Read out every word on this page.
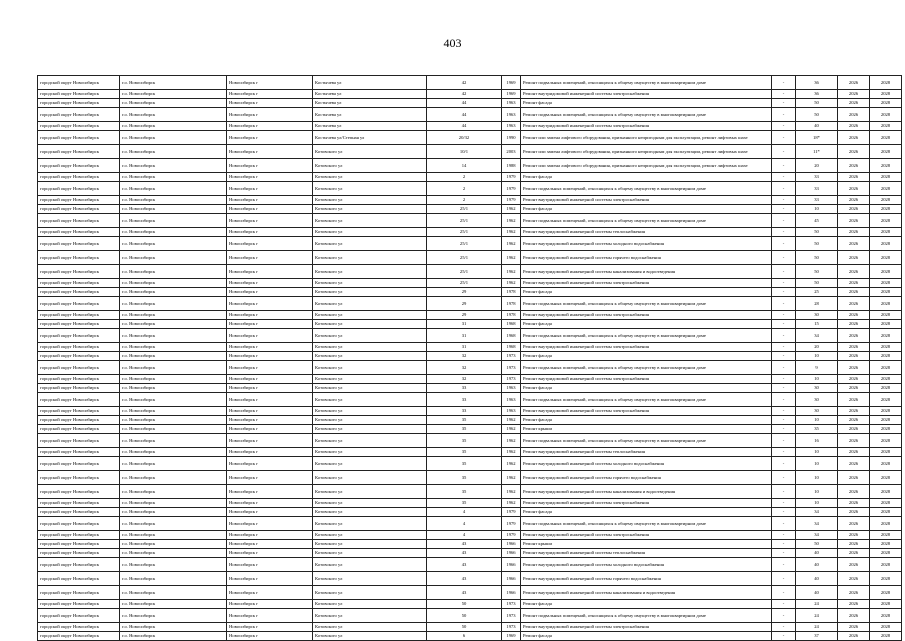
403
городской округ Новосибирск	г.о. Новосибирск	Новосибирск г	Костычева ул	42	1969	Ремонт подвальных помещений, относящихся к общему имуществу в многоквартирном доме	-	36	2026	2028
городской округ Новосибирск	г.о. Новосибирск	Новосибирск г	Костычева ул	42	1969	Ремонт внутридомовой инженерной системы электроснабжения	-	36	2026	2028
городской округ Новосибирск	г.о. Новосибирск	Новосибирск г	Костычева ул	44	1963	Ремонт фасада	-	50	2026	2028
городской округ Новосибирск	г.о. Новосибирск	Новосибирск г	Костычева ул	44	1963	Ремонт подвальных помещений, относящихся к общему имуществу в многоквартирном доме	-	50	2026	2028
городской округ Новосибирск	г.о. Новосибирск	Новосибирск г	Костычева ул	44	1963	Ремонт внутридомовой инженерной системы электроснабжения	-	40	2026	2028
городской округ Новосибирск	г.о. Новосибирск	Новосибирск г	Костычева ул/Степная ул	20/32	1990	Ремонт или замена лифтового оборудования, признанного непригодным для эксплуатации, ремонт лифтовых шахт	-	18*	2026	2028
городской округ Новосибирск	г.о. Новосибирск	Новосибирск г	Котовского ул	10/1	2003	Ремонт или замена лифтового оборудования, признанного непригодным для эксплуатации, ремонт лифтовых шахт	-	11*	2026	2028
городской округ Новосибирск	г.о. Новосибирск	Новосибирск г	Котовского ул	14	1988	Ремонт или замена лифтового оборудования, признанного непригодным для эксплуатации, ремонт лифтовых шахт	-	20	2026	2028
городской округ Новосибирск	г.о. Новосибирск	Новосибирск г	Котовского ул	2	1979	Ремонт фасада	-	33	2026	2028
городской округ Новосибирск	г.о. Новосибирск	Новосибирск г	Котовского ул	2	1979	Ремонт подвальных помещений, относящихся к общему имуществу в многоквартирном доме	-	33	2026	2028
городской округ Новосибирск	г.о. Новосибирск	Новосибирск г	Котовского ул	2	1979	Ремонт внутридомовой инженерной системы электроснабжения	-	33	2026	2028
городской округ Новосибирск	г.о. Новосибирск	Новосибирск г	Котовского ул	25/1	1962	Ремонт фасада	-	10	2026	2028
городской округ Новосибирск	г.о. Новосибирск	Новосибирск г	Котовского ул	25/1	1962	Ремонт подвальных помещений, относящихся к общему имуществу в многоквартирном доме	-	45	2026	2028
городской округ Новосибирск	г.о. Новосибирск	Новосибирск г	Котовского ул	25/1	1962	Ремонт внутридомовой инженерной системы теплоснабжения	-	50	2026	2028
городской округ Новосибирск	г.о. Новосибирск	Новосибирск г	Котовского ул	25/1	1962	Ремонт внутридомовой инженерной системы холодного водоснабжения	-	50	2026	2028
городской округ Новосибирск	г.о. Новосибирск	Новосибирск г	Котовского ул	25/1	1962	Ремонт внутридомовой инженерной системы горячего водоснабжения	-	50	2026	2028
городской округ Новосибирск	г.о. Новосибирск	Новосибирск г	Котовского ул	25/1	1962	Ремонт внутридомовой инженерной системы канализования и водоотведения	-	50	2026	2028
городской округ Новосибирск	г.о. Новосибирск	Новосибирск г	Котовского ул	25/1	1962	Ремонт внутридомовой инженерной системы электроснабжения	-	50	2026	2028
городской округ Новосибирск	г.о. Новосибирск	Новосибирск г	Котовского ул	29	1978	Ремонт фасада	-	25	2026	2028
городской округ Новосибирск	г.о. Новосибирск	Новосибирск г	Котовского ул	29	1978	Ремонт подвальных помещений, относящихся к общему имуществу в многоквартирном доме	-	28	2026	2028
городской округ Новосибирск	г.о. Новосибирск	Новосибирск г	Котовского ул	29	1978	Ремонт внутридомовой инженерной системы электроснабжения	-	30	2026	2028
городской округ Новосибирск	г.о. Новосибирск	Новосибирск г	Котовского ул	31	1968	Ремонт фасада	-	15	2026	2028
городской округ Новосибирск	г.о. Новосибирск	Новосибирск г	Котовского ул	31	1968	Ремонт подвальных помещений, относящихся к общему имуществу в многоквартирном доме	-	34	2026	2028
городской округ Новосибирск	г.о. Новосибирск	Новосибирск г	Котовского ул	31	1968	Ремонт внутридомовой инженерной системы электроснабжения	-	20	2026	2028
городской округ Новосибирск	г.о. Новосибирск	Новосибирск г	Котовского ул	32	1973	Ремонт фасада	-	10	2026	2028
городской округ Новосибирск	г.о. Новосибирск	Новосибирск г	Котовского ул	32	1973	Ремонт подвальных помещений, относящихся к общему имуществу в многоквартирном доме	-	9	2026	2028
городской округ Новосибирск	г.о. Новосибирск	Новосибирск г	Котовского ул	32	1973	Ремонт внутридомовой инженерной системы электроснабжения	-	10	2026	2028
городской округ Новосибирск	г.о. Новосибирск	Новосибирск г	Котовского ул	33	1963	Ремонт фасада	-	30	2026	2028
городской округ Новосибирск	г.о. Новосибирск	Новосибирск г	Котовского ул	33	1963	Ремонт подвальных помещений, относящихся к общему имуществу в многоквартирном доме	-	30	2026	2028
городской округ Новосибирск	г.о. Новосибирск	Новосибирск г	Котовского ул	33	1963	Ремонт внутридомовой инженерной системы электроснабжения	-	30	2026	2028
городской округ Новосибирск	г.о. Новосибирск	Новосибирск г	Котовского ул	35	1962	Ремонт фасада	-	10	2026	2028
городской округ Новосибирск	г.о. Новосибирск	Новосибирск г	Котовского ул	35	1962	Ремонт крыши	-	35	2026	2028
городской округ Новосибирск	г.о. Новосибирск	Новосибирск г	Котовского ул	35	1962	Ремонт подвальных помещений, относящихся к общему имуществу в многоквартирном доме	-	16	2026	2028
городской округ Новосибирск	г.о. Новосибирск	Новосибирск г	Котовского ул	35	1962	Ремонт внутридомовой инженерной системы теплоснабжения	-	10	2026	2028
городской округ Новосибирск	г.о. Новосибирск	Новосибирск г	Котовского ул	35	1962	Ремонт внутридомовой инженерной системы холодного водоснабжения	-	10	2026	2028
городской округ Новосибирск	г.о. Новосибирск	Новосибирск г	Котовского ул	35	1962	Ремонт внутридомовой инженерной системы горячего водоснабжения	-	10	2026	2028
городской округ Новосибирск	г.о. Новосибирск	Новосибирск г	Котовского ул	35	1962	Ремонт внутридомовой инженерной системы канализования и водоотведения	-	10	2026	2028
городской округ Новосибирск	г.о. Новосибирск	Новосибирск г	Котовского ул	35	1962	Ремонт внутридомовой инженерной системы электроснабжения	-	10	2026	2028
городской округ Новосибирск	г.о. Новосибирск	Новосибирск г	Котовского ул	4	1979	Ремонт фасада	-	34	2026	2028
городской округ Новосибирск	г.о. Новосибирск	Новосибирск г	Котовского ул	4	1979	Ремонт подвальных помещений, относящихся к общему имуществу в многоквартирном доме	-	34	2026	2028
городской округ Новосибирск	г.о. Новосибирск	Новосибирск г	Котовского ул	4	1979	Ремонт внутридомовой инженерной системы электроснабжения	-	34	2026	2028
городской округ Новосибирск	г.о. Новосибирск	Новосибирск г	Котовского ул	43	1966	Ремонт крыши	-	50	2026	2028
городской округ Новосибирск	г.о. Новосибирск	Новосибирск г	Котовского ул	43	1966	Ремонт внутридомовой инженерной системы теплоснабжения	-	40	2026	2028
городской округ Новосибирск	г.о. Новосибирск	Новосибирск г	Котовского ул	43	1966	Ремонт внутридомовой инженерной системы холодного водоснабжения	-	40	2026	2028
городской округ Новосибирск	г.о. Новосибирск	Новосибирск г	Котовского ул	43	1966	Ремонт внутридомовой инженерной системы горячего водоснабжения	-	40	2026	2028
городской округ Новосибирск	г.о. Новосибирск	Новосибирск г	Котовского ул	43	1966	Ремонт внутридомовой инженерной системы канализования и водоотведения	-	40	2026	2028
городской округ Новосибирск	г.о. Новосибирск	Новосибирск г	Котовского ул	50	1973	Ремонт фасада	-	24	2026	2028
городской округ Новосибирск	г.о. Новосибирск	Новосибирск г	Котовского ул	50	1973	Ремонт подвальных помещений, относящихся к общему имуществу в многоквартирном доме	-	24	2026	2028
городской округ Новосибирск	г.о. Новосибирск	Новосибирск г	Котовского ул	50	1973	Ремонт внутридомовой инженерной системы электроснабжения	-	24	2026	2028
городской округ Новосибирск	г.о. Новосибирск	Новосибирск г	Котовского ул	6	1969	Ремонт фасада	-	37	2026	2028
